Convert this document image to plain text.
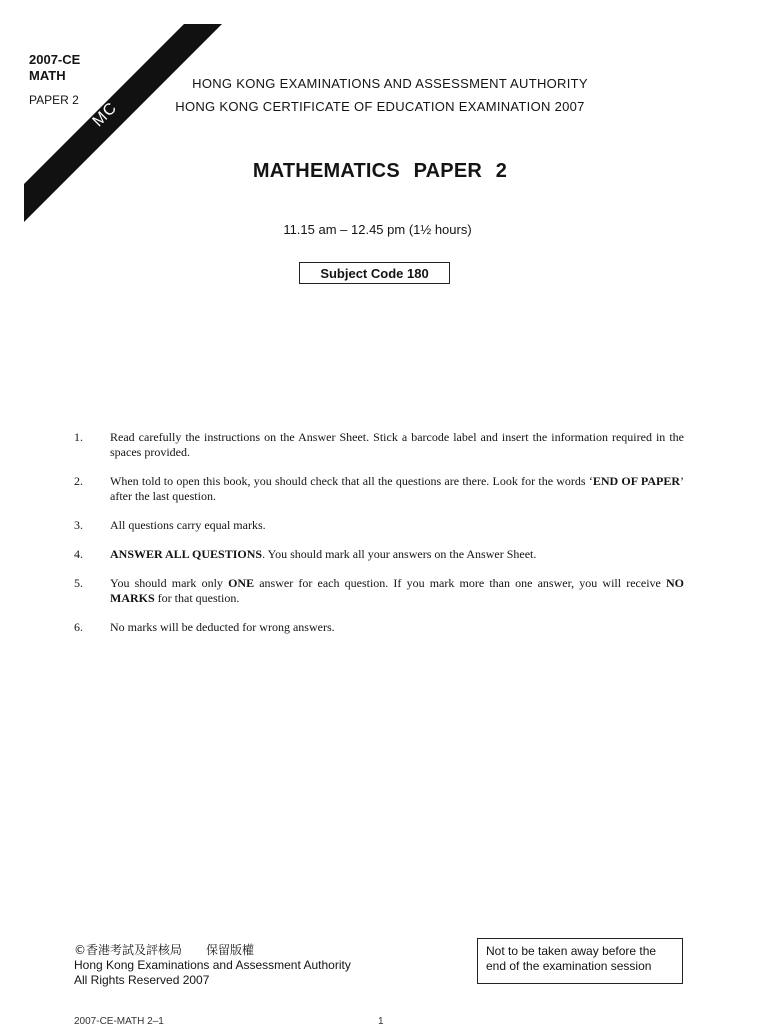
MC
2007-CE
MATH
PAPER 2
HONG KONG EXAMINATIONS AND ASSESSMENT AUTHORITY
HONG KONG CERTIFICATE OF EDUCATION EXAMINATION 2007
MATHEMATICS PAPER 2
11.15 am – 12.45 pm (1½ hours)
Subject Code 180
1.	Read carefully the instructions on the Answer Sheet. Stick a barcode label and insert the information required in the spaces provided.
2.	When told to open this book, you should check that all the questions are there. Look for the words ‘END OF PAPER’ after the last question.
3.	All questions carry equal marks.
4.	ANSWER ALL QUESTIONS. You should mark all your answers on the Answer Sheet.
5.	You should mark only ONE answer for each question. If you mark more than one answer, you will receive NO MARKS for that question.
6.	No marks will be deducted for wrong answers.
©香港考試及評核局　　保留版權
Hong Kong Examinations and Assessment Authority
All Rights Reserved 2007
Not to be taken away before the end of the examination session
2007-CE-MATH 2–1	1
